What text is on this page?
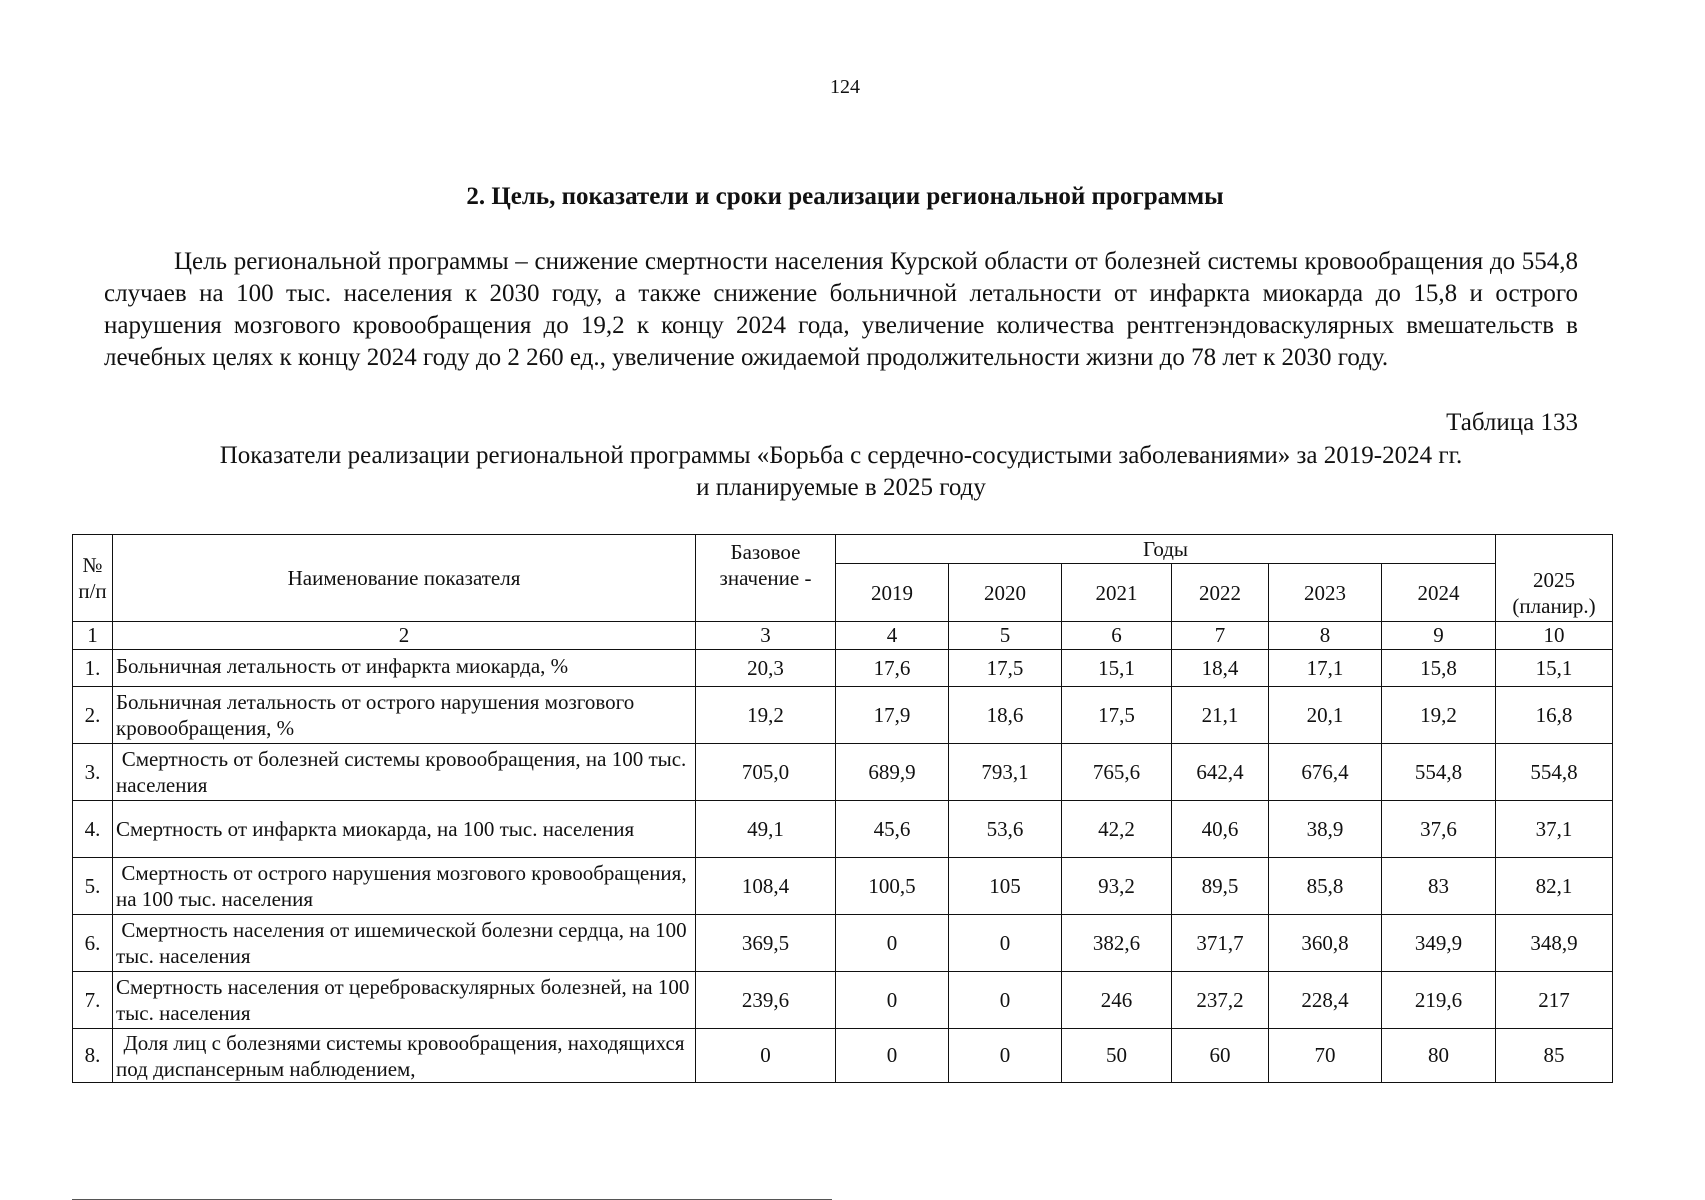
124
2. Цель, показатели и сроки реализации региональной программы

Цель региональной программы – снижение смертности населения Курской области от болезней системы кровообращения до 554,8 случаев на 100 тыс. населения к 2030 году, а также снижение больничной летальности от инфаркта миокарда до 15,8 и острого нарушения мозгового кровообращения до 19,2 к концу 2024 года, увеличение количества рентгенэндоваскулярных вмешательств в лечебных целях к концу 2024 году до 2 260 ед., увеличение ожидаемой продолжительности жизни до 78 лет к 2030 году.

Таблица 133
Показатели реализации региональной программы «Борьба с сердечно-сосудистыми заболеваниями» за 2019-2024 гг.
и планируемые в 2025 году
№ п/п	Наименование показателя	Базовое значение -	Годы						2025 (планир.)
			2019	2020	2021	2022	2023	2024	
1	2	3	4	5	6	7	8	9	10
1.	Больничная летальность от инфаркта миокарда, %	20,3	17,6	17,5	15,1	18,4	17,1	15,8	15,1
2.	Больничная летальность от острого нарушения мозгового кровообращения, %	19,2	17,9	18,6	17,5	21,1	20,1	19,2	16,8
3.	Смертность от болезней системы кровообращения, на 100 тыс. населения	705,0	689,9	793,1	765,6	642,4	676,4	554,8	554,8
4.	Смертность от инфаркта миокарда, на 100 тыс. населения	49,1	45,6	53,6	42,2	40,6	38,9	37,6	37,1
5.	Смертность от острого нарушения мозгового кровообращения, на 100 тыс. населения	108,4	100,5	105	93,2	89,5	85,8	83	82,1
6.	Смертность населения от ишемической болезни сердца, на 100 тыс. населения	369,5	0	0	382,6	371,7	360,8	349,9	348,9
7.	Смертность населения от цереброваскулярных болезней, на 100 тыс. населения	239,6	0	0	246	237,2	228,4	219,6	217
8.	Доля лиц с болезнями системы кровообращения, находящихся под диспансерным наблюдением,	0	0	0	50	60	70	80	85
